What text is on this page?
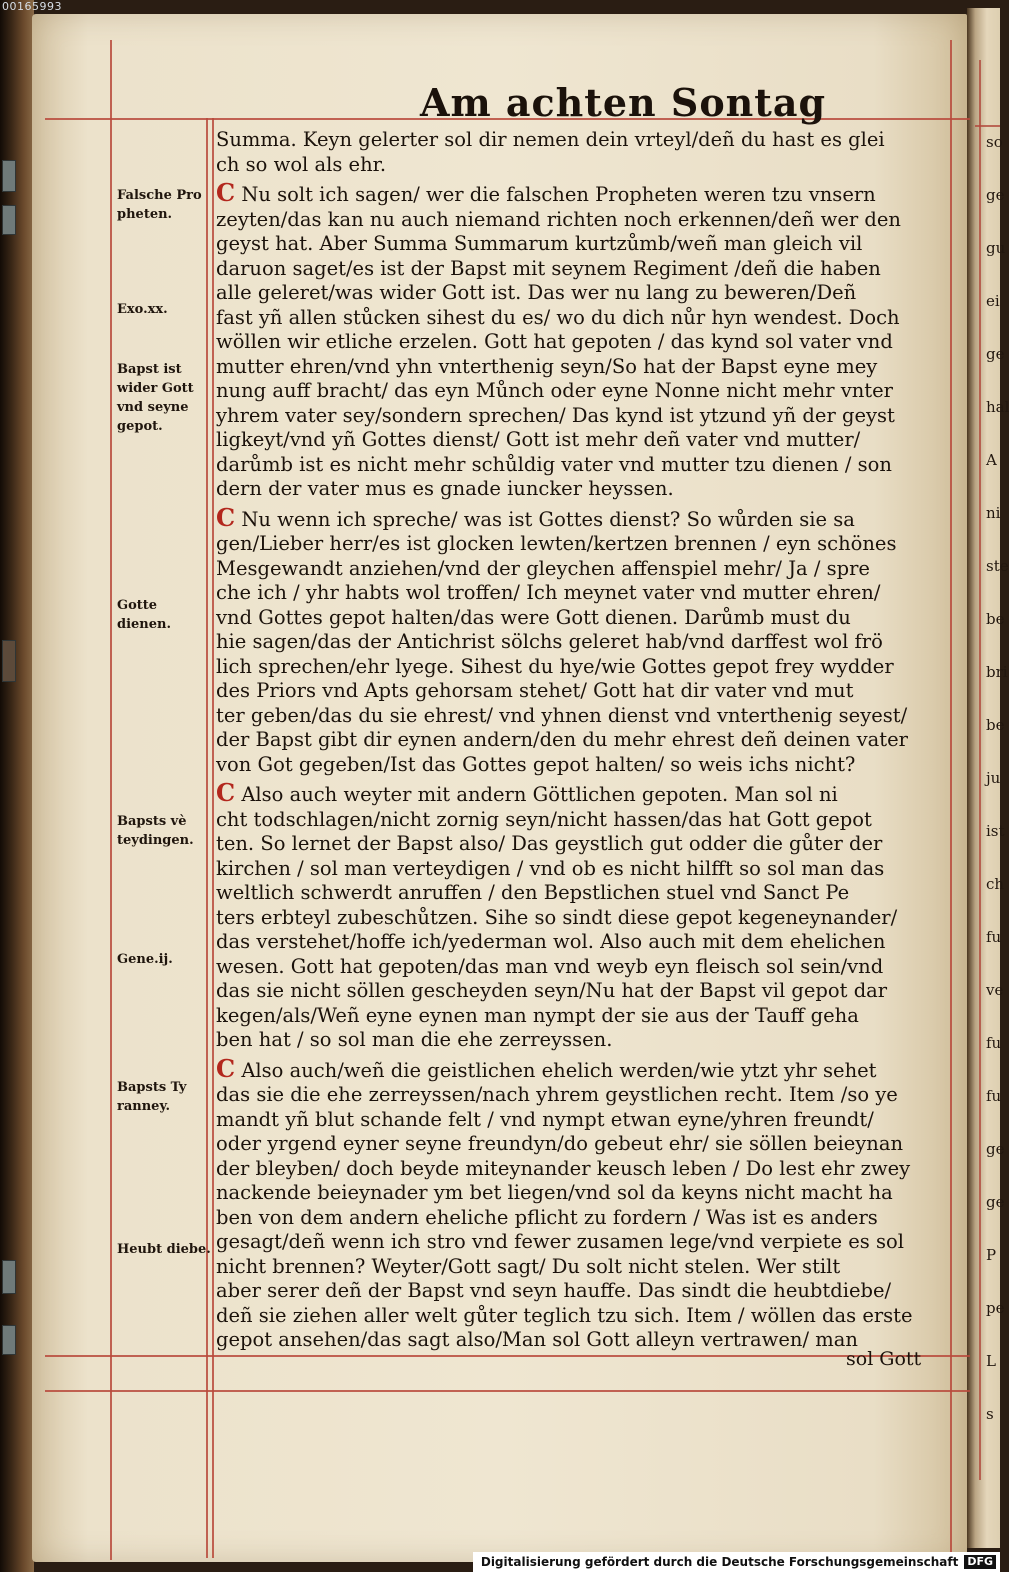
00165993
so
ge
gu
ei
ge
hal
A
ni
ste
be
bri
be
ju
ist
ch
fu
ve
fu
fu
ge
ge
P
pe
L
s
Am achten Sontag
Falsche Pro pheten.
Exo.xx.
Bapst ist wider Gott vnd seyne gepot.
Gotte dienen.
Bapsts vè teydingen.
Gene.ij.
Bapsts Ty ranney.
Heubt diebe.
Summa. Keyn gelerter sol dir nemen dein vrteyl/deñ du hast es glei
ch so wol als ehr.
C Nu solt ich sagen/ wer die falschen Propheten weren tzu vnsern
zeyten/das kan nu auch niemand richten noch erkennen/deñ wer den
geyst hat. Aber Summa Summarum kurtzůmb/weñ man gleich vil
daruon saget/es ist der Bapst mit seynem Regiment /deñ die haben
alle geleret/was wider Gott ist. Das wer nu lang zu beweren/Deñ
fast yñ allen stůcken sihest du es/ wo du dich nůr hyn wendest. Doch
wöllen wir etliche erzelen. Gott hat gepoten / das kynd sol vater vnd
mutter ehren/vnd yhn vnterthenig seyn/So hat der Bapst eyne mey
nung auff bracht/ das eyn Můnch oder eyne Nonne nicht mehr vnter
yhrem vater sey/sondern sprechen/ Das kynd ist ytzund yñ der geyst
ligkeyt/vnd yñ Gottes dienst/ Gott ist mehr deñ vater vnd mutter/
darůmb ist es nicht mehr schůldig vater vnd mutter tzu dienen / son
dern der vater mus es gnade iuncker heyssen.
C Nu wenn ich spreche/ was ist Gottes dienst? So wůrden sie sa
gen/Lieber herr/es ist glocken lewten/kertzen brennen / eyn schönes
Mesgewandt anziehen/vnd der gleychen affenspiel mehr/ Ja / spre
che ich / yhr habts wol troffen/ Ich meynet vater vnd mutter ehren/
vnd Gottes gepot halten/das were Gott dienen. Darůmb must du
hie sagen/das der Antichrist sölchs geleret hab/vnd darffest wol frö
lich sprechen/ehr lyege. Sihest du hye/wie Gottes gepot frey wydder
des Priors vnd Apts gehorsam stehet/ Gott hat dir vater vnd mut
ter geben/das du sie ehrest/ vnd yhnen dienst vnd vnterthenig seyest/
der Bapst gibt dir eynen andern/den du mehr ehrest deñ deinen vater
von Got gegeben/Ist das Gottes gepot halten/ so weis ichs nicht?
C Also auch weyter mit andern Göttlichen gepoten. Man sol ni
cht todschlagen/nicht zornig seyn/nicht hassen/das hat Gott gepot
ten. So lernet der Bapst also/ Das geystlich gut odder die gůter der
kirchen / sol man verteydigen / vnd ob es nicht hilfft so sol man das
weltlich schwerdt anruffen / den Bepstlichen stuel vnd Sanct Pe
ters erbteyl zubeschůtzen. Sihe so sindt diese gepot kegeneynander/
das verstehet/hoffe ich/yederman wol. Also auch mit dem ehelichen
wesen. Gott hat gepoten/das man vnd weyb eyn fleisch sol sein/vnd
das sie nicht söllen gescheyden seyn/Nu hat der Bapst vil gepot dar
kegen/als/Weñ eyne eynen man nympt der sie aus der Tauff geha
ben hat / so sol man die ehe zerreyssen.
C Also auch/weñ die geistlichen ehelich werden/wie ytzt yhr sehet
das sie die ehe zerreyssen/nach yhrem geystlichen recht. Item /so ye
mandt yñ blut schande felt / vnd nympt etwan eyne/yhren freundt/
oder yrgend eyner seyne freundyn/do gebeut ehr/ sie söllen beieynan
der bleyben/ doch beyde miteynander keusch leben / Do lest ehr zwey
nackende beieynader ym bet liegen/vnd sol da keyns nicht macht ha
ben von dem andern eheliche pflicht zu fordern / Was ist es anders
gesagt/deñ wenn ich stro vnd fewer zusamen lege/vnd verpiete es sol
nicht brennen? Weyter/Gott sagt/ Du solt nicht stelen. Wer stilt
aber serer deñ der Bapst vnd seyn hauffe. Das sindt die heubtdiebe/
deñ sie ziehen aller welt gůter teglich tzu sich. Item / wöllen das erste
gepot ansehen/das sagt also/Man sol Gott alleyn vertrawen/ man
sol Gott
Digitalisierung gefördert durch die Deutsche Forschungsgemeinschaft DFG
